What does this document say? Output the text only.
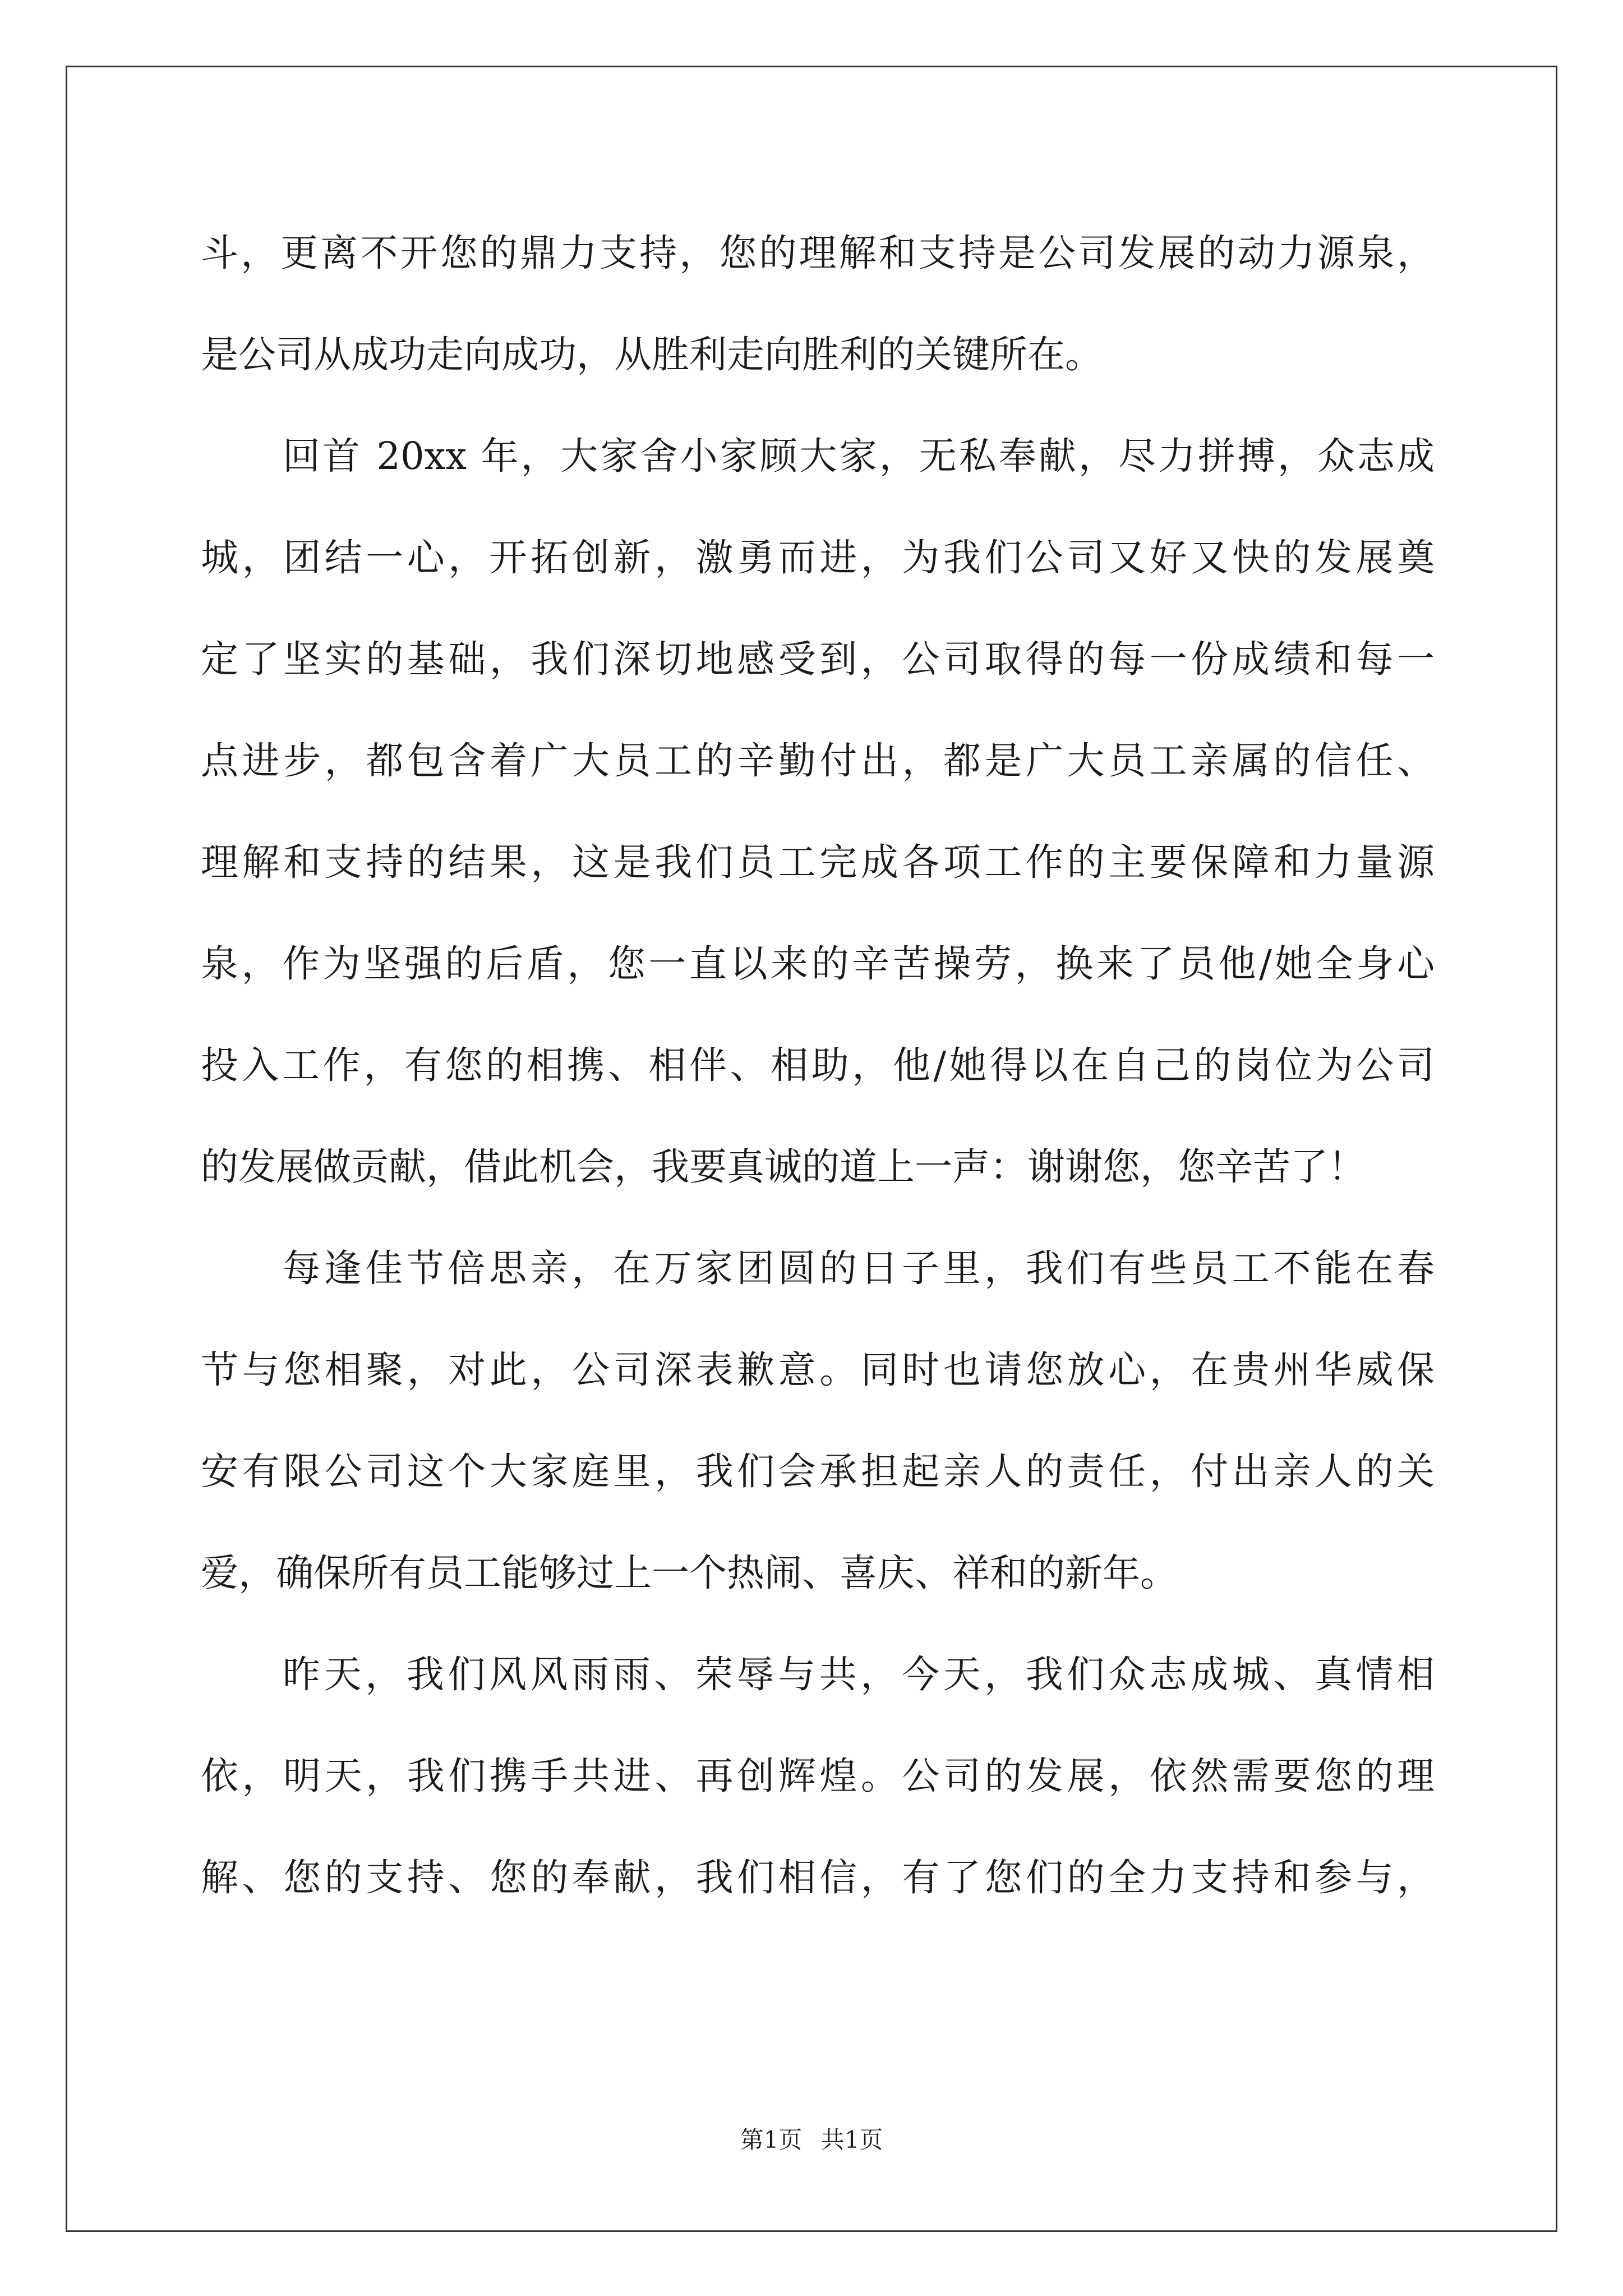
斗，更离不开您的鼎力支持，您的理解和支持是公司发展的动力源泉，
是公司从成功走向成功，从胜利走向胜利的关键所在。
回首 20xx 年，大家舍小家顾大家，无私奉献，尽力拼搏，众志成
城，团结一心，开拓创新，激勇而进，为我们公司又好又快的发展奠
定了坚实的基础，我们深切地感受到，公司取得的每一份成绩和每一
点进步，都包含着广大员工的辛勤付出，都是广大员工亲属的信任、
理解和支持的结果，这是我们员工完成各项工作的主要保障和力量源
泉，作为坚强的后盾，您一直以来的辛苦操劳，换来了员他/她全身心
投入工作，有您的相携、相伴、相助，他/她得以在自己的岗位为公司
的发展做贡献，借此机会，我要真诚的道上一声：谢谢您，您辛苦了！
每逢佳节倍思亲，在万家团圆的日子里，我们有些员工不能在春
节与您相聚，对此，公司深表歉意。同时也请您放心，在贵州华威保
安有限公司这个大家庭里，我们会承担起亲人的责任，付出亲人的关
爱，确保所有员工能够过上一个热闹、喜庆、祥和的新年。
昨天，我们风风雨雨、荣辱与共，今天，我们众志成城、真情相
依，明天，我们携手共进、再创辉煌。公司的发展，依然需要您的理
解、您的支持、您的奉献，我们相信，有了您们的全力支持和参与，
第1页 共1页
